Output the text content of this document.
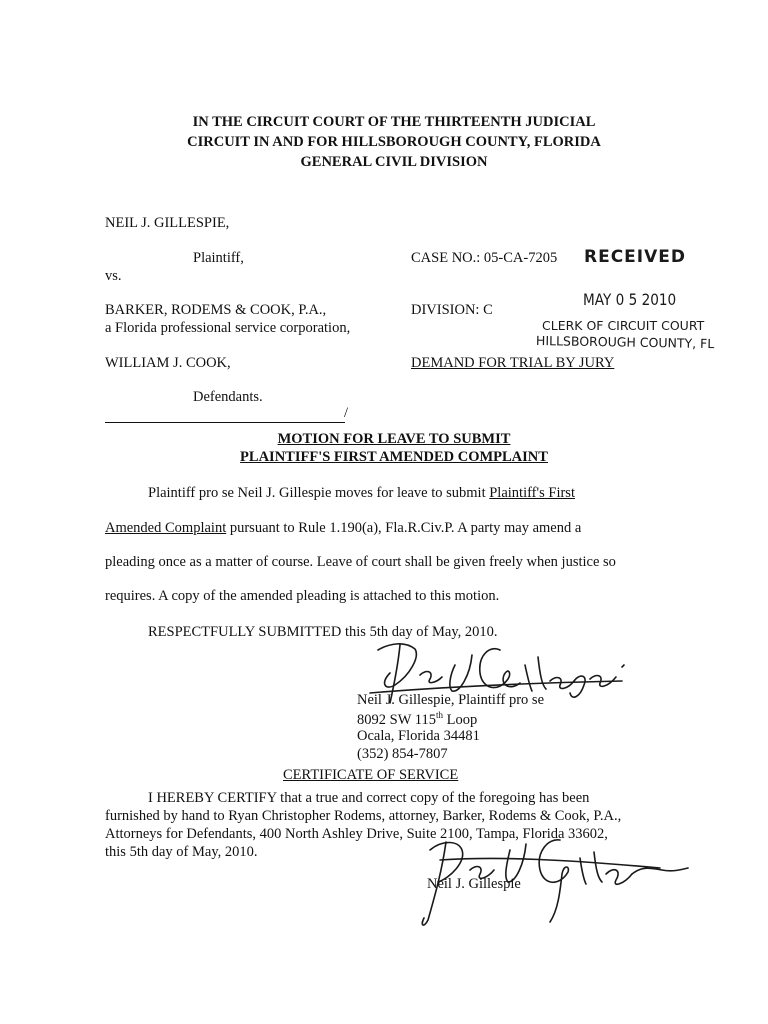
IN THE CIRCUIT COURT OF THE THIRTEENTH JUDICIAL
CIRCUIT IN AND FOR HILLSBOROUGH COUNTY, FLORIDA
GENERAL CIVIL DIVISION
NEIL J. GILLESPIE,
Plaintiff,
vs.
BARKER, RODEMS & COOK, P.A.,
a Florida professional service corporation,
WILLIAM J. COOK,
Defendants.
/
CASE NO.: 05-CA-7205
DIVISION: C
DEMAND FOR TRIAL BY JURY
RECEIVED
MAY 0 5 2010
CLERK OF CIRCUIT COURT
HILLSBOROUGH COUNTY, FL
MOTION FOR LEAVE TO SUBMIT
PLAINTIFF'S FIRST AMENDED COMPLAINT
Plaintiff pro se Neil J. Gillespie moves for leave to submit Plaintiff's First
Amended Complaint pursuant to Rule 1.190(a), Fla.R.Civ.P. A party may amend a
pleading once as a matter of course. Leave of court shall be given freely when justice so
requires. A copy of the amended pleading is attached to this motion.
RESPECTFULLY SUBMITTED this 5th day of May, 2010.
Neil J. Gillespie, Plaintiff pro se
8092 SW 115th Loop
Ocala, Florida 34481
(352) 854-7807
CERTIFICATE OF SERVICE
I HEREBY CERTIFY that a true and correct copy of the foregoing has been
furnished by hand to Ryan Christopher Rodems, attorney, Barker, Rodems & Cook, P.A.,
Attorneys for Defendants, 400 North Ashley Drive, Suite 2100, Tampa, Florida 33602,
this 5th day of May, 2010.
Neil J. Gillespie
